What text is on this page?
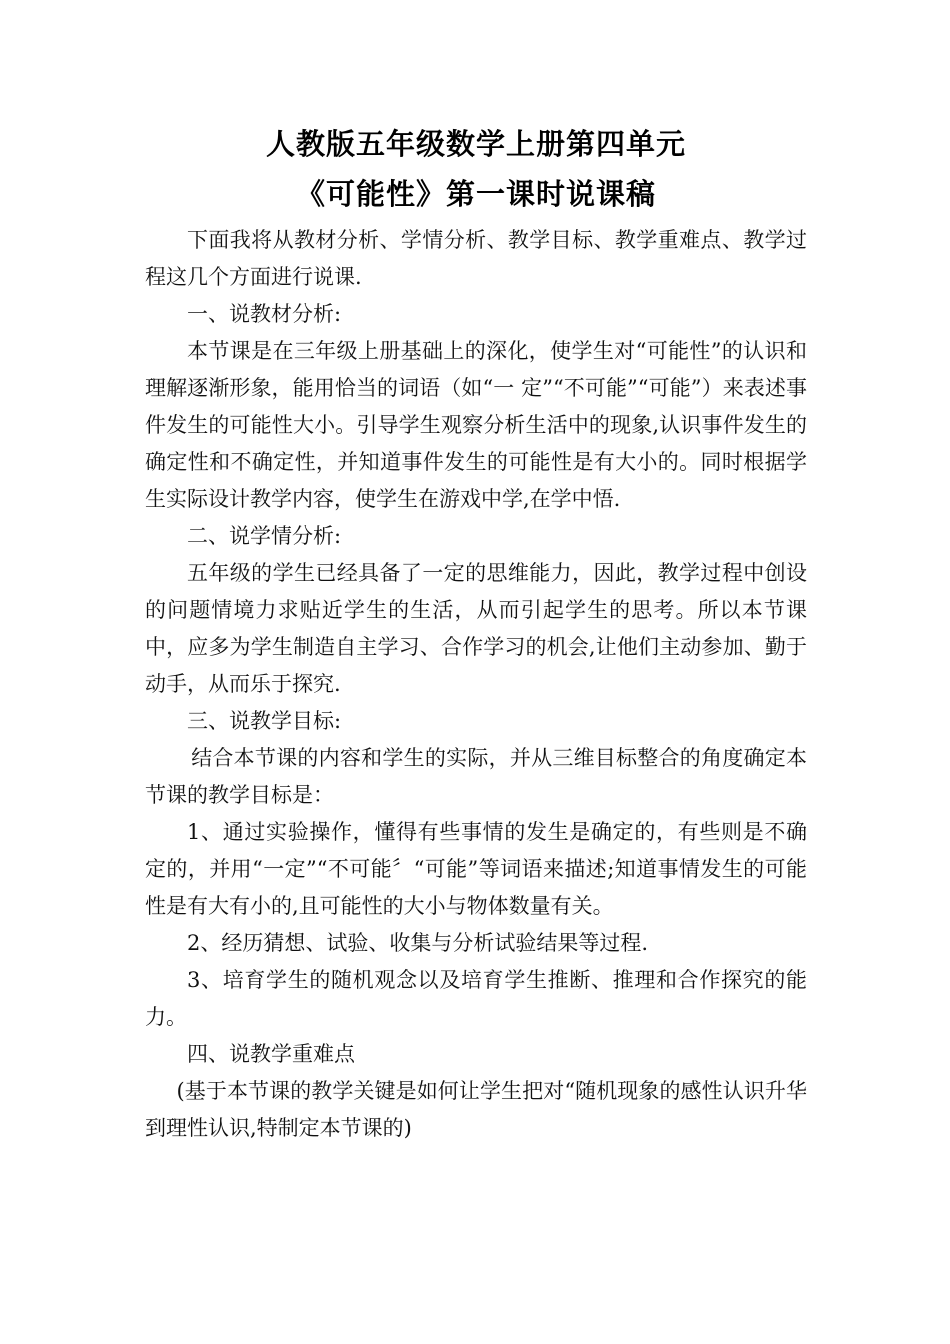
人教版五年级数学上册第四单元
《可能性》第一课时说课稿

下面我将从教材分析、学情分析、教学目标、教学重难点、教学过程这几个方面进行说课.

一、说教材分析:

本节课是在三年级上册基础上的深化，使学生对“可能性”的认识和理解逐渐形象，能用恰当的词语（如“一 定”“不可能”“可能”）来表述事件发生的可能性大小。引导学生观察分析生活中的现象,认识事件发生的确定性和不确定性，并知道事件发生的可能性是有大小的。同时根据学生实际设计教学内容，使学生在游戏中学,在学中悟.

二、说学情分析:

五年级的学生已经具备了一定的思维能力，因此，教学过程中创设的问题情境力求贴近学生的生活，从而引起学生的思考。所以本节课中，应多为学生制造自主学习、合作学习的机会,让他们主动参加、勤于动手，从而乐于探究.

三、说教学目标:

结合本节课的内容和学生的实际，并从三维目标整合的角度确定本节课的教学目标是：

1、通过实验操作，懂得有些事情的发生是确定的，有些则是不确定的，并用“一定”“不可能〞“可能”等词语来描述;知道事情发生的可能性是有大有小的,且可能性的大小与物体数量有关。

2、经历猜想、试验、收集与分析试验结果等过程.

3、培育学生的随机观念以及培育学生推断、推理和合作探究的能力。

四、说教学重难点

(基于本节课的教学关键是如何让学生把对“随机现象的感性认识升华到理性认识,特制定本节课的)
